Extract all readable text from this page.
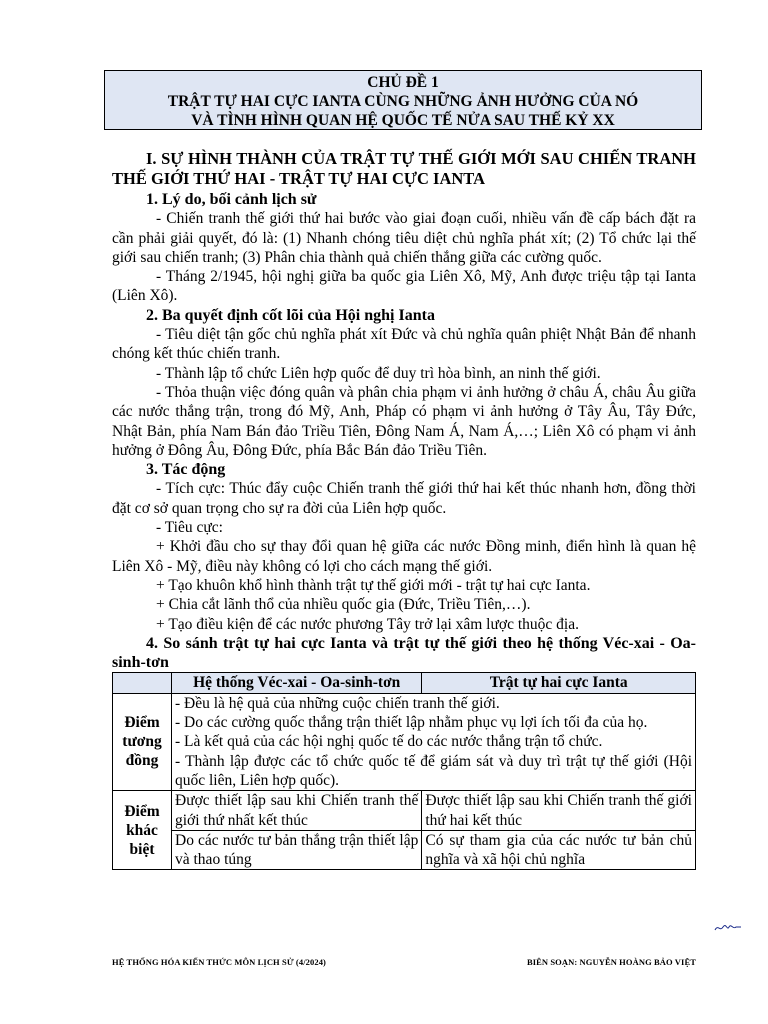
CHỦ ĐỀ 1
TRẬT TỰ HAI CỰC IANTA CÙNG NHỮNG ẢNH HƯỞNG CỦA NÓ
VÀ TÌNH HÌNH QUAN HỆ QUỐC TẾ NỬA SAU THẾ KỶ XX

I. SỰ HÌNH THÀNH CỦA TRẬT TỰ THẾ GIỚI MỚI SAU CHIẾN TRANH THẾ GIỚI THỨ HAI - TRẬT TỰ HAI CỰC IANTA

1. Lý do, bối cảnh lịch sử

- Chiến tranh thế giới thứ hai bước vào giai đoạn cuối, nhiều vấn đề cấp bách đặt ra cần phải giải quyết, đó là: (1) Nhanh chóng tiêu diệt chủ nghĩa phát xít; (2) Tổ chức lại thế giới sau chiến tranh; (3) Phân chia thành quả chiến thắng giữa các cường quốc.

- Tháng 2/1945, hội nghị giữa ba quốc gia Liên Xô, Mỹ, Anh được triệu tập tại Ianta (Liên Xô).

2. Ba quyết định cốt lõi của Hội nghị Ianta

- Tiêu diệt tận gốc chủ nghĩa phát xít Đức và chủ nghĩa quân phiệt Nhật Bản để nhanh chóng kết thúc chiến tranh.

- Thành lập tổ chức Liên hợp quốc để duy trì hòa bình, an ninh thế giới.

- Thỏa thuận việc đóng quân và phân chia phạm vi ảnh hưởng ở châu Á, châu Âu giữa các nước thắng trận, trong đó Mỹ, Anh, Pháp có phạm vi ảnh hưởng ở Tây Âu, Tây Đức, Nhật Bản, phía Nam Bán đảo Triều Tiên, Đông Nam Á, Nam Á,…; Liên Xô có phạm vi ảnh hưởng ở Đông Âu, Đông Đức, phía Bắc Bán đảo Triều Tiên.

3. Tác động

- Tích cực: Thúc đẩy cuộc Chiến tranh thế giới thứ hai kết thúc nhanh hơn, đồng thời đặt cơ sở quan trọng cho sự ra đời của Liên hợp quốc.

- Tiêu cực:

+ Khởi đầu cho sự thay đổi quan hệ giữa các nước Đồng minh, điển hình là quan hệ Liên Xô - Mỹ, điều này không có lợi cho cách mạng thế giới.

+ Tạo khuôn khổ hình thành trật tự thế giới mới - trật tự hai cực Ianta.

+ Chia cắt lãnh thổ của nhiều quốc gia (Đức, Triều Tiên,…).

+ Tạo điều kiện để các nước phương Tây trở lại xâm lược thuộc địa.

4. So sánh trật tự hai cực Ianta và trật tự thế giới theo hệ thống Véc-xai - Oa-sinh-tơn

	Hệ thống Véc-xai - Oa-sinh-tơn	Trật tự hai cực Ianta
Điểm tương đồng	- Đều là hệ quả của những cuộc chiến tranh thế giới.
- Do các cường quốc thắng trận thiết lập nhằm phục vụ lợi ích tối đa của họ.
- Là kết quả của các hội nghị quốc tế do các nước thắng trận tổ chức.
- Thành lập được các tổ chức quốc tế để giám sát và duy trì trật tự thế giới (Hội quốc liên, Liên hợp quốc).	

Điểm khác biệt	Được thiết lập sau khi Chiến tranh thế giới thứ nhất kết thúc	Được thiết lập sau khi Chiến tranh thế giới thứ hai kết thúc
	Do các nước tư bản thắng trận thiết lập và thao túng	Có sự tham gia của các nước tư bản chủ nghĩa và xã hội chủ nghĩa
HỆ THỐNG HÓA KIẾN THỨC MÔN LỊCH SỬ (4/2024)	BIÊN SOẠN: NGUYỄN HOÀNG BẢO VIỆT
